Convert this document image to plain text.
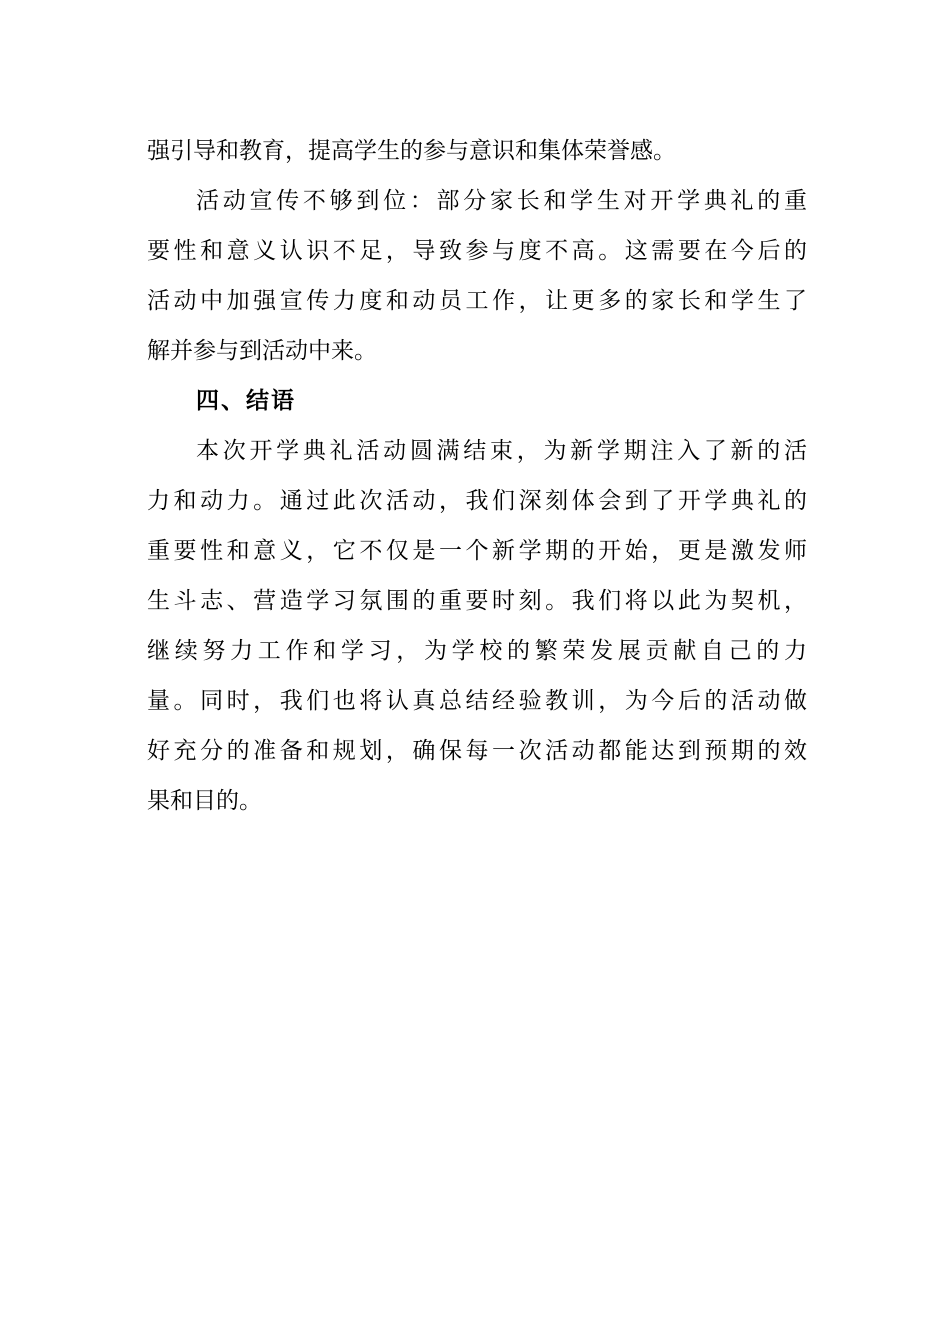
强引导和教育，提高学生的参与意识和集体荣誉感。
活动宣传不够到位：部分家长和学生对开学典礼的重
要性和意义认识不足，导致参与度不高。这需要在今后的
活动中加强宣传力度和动员工作，让更多的家长和学生了
解并参与到活动中来。
四、结语
本次开学典礼活动圆满结束，为新学期注入了新的活
力和动力。通过此次活动，我们深刻体会到了开学典礼的
重要性和意义，它不仅是一个新学期的开始，更是激发师
生斗志、营造学习氛围的重要时刻。我们将以此为契机，
继续努力工作和学习，为学校的繁荣发展贡献自己的力
量。同时，我们也将认真总结经验教训，为今后的活动做
好充分的准备和规划，确保每一次活动都能达到预期的效
果和目的。
